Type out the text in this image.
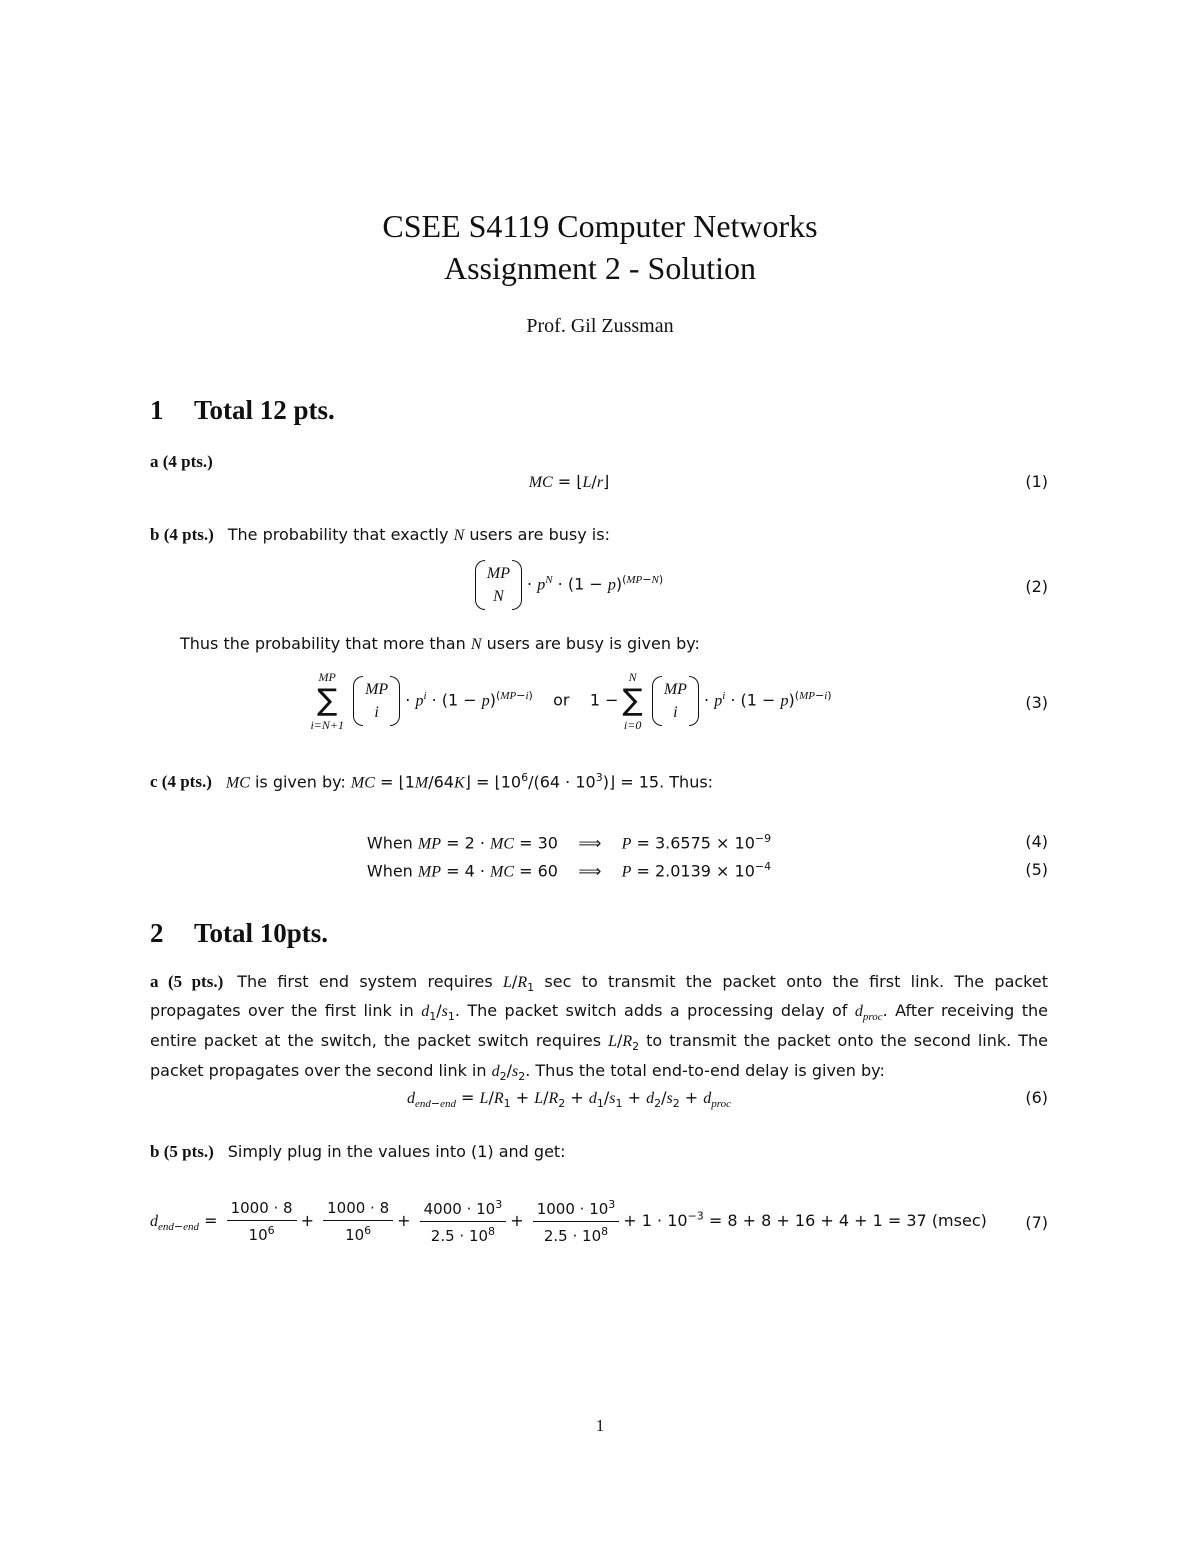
CSEE S4119 Computer Networks
Assignment 2 - Solution
Prof. Gil Zussman
1 Total 12 pts.
a (4 pts.)
MC = ⌊L/r⌋	(1)
b (4 pts.) The probability that exactly N users are busy is:
MP
N
· $p^N \cdot (1 - p)^{(MP-N)}$	(2)
Thus the probability that more than N users are busy is given by:
MP
∑
i=N+1

MP
i
· $p^i \cdot (1 - p)^{(MP-i)}$ or    1 −
N
∑
i=0

MP
i
· $p^i \cdot (1 - p)^{(MP-i)}$	(3)
c (4 pts.) MC is given by: MC = ⌊1M/64K⌋ = $⌊10^6/(64$ · $10^3)⌋ = 15$. Thus:
When MP = 2 · MC = 30    ⟹    $P = 3.6575 \times 10^{-9}$	(4)
When MP = 4 · MC = 60    ⟹    $P = 2.0139 \times 10^{-4}$	(5)
2 Total 10pts.
a (5 pts.) The first end system requires $L/R_1$ sec to transmit the packet onto the first link. The packet propagates over the first link in $d_1/s_1$. The packet switch adds a processing delay of $d_{proc}$. After receiving the entire packet at the switch, the packet switch requires $L/R_2$ to transmit the packet onto the second link. The packet propagates over the second link in $d_2/s_2$. Thus the total end-to-end delay is given by:
$d_{end-end} = L/R_1 + L/R_2 + d_1/s_1 + d_2/s_2 + d_{proc}$	(6)
b (5 pts.) Simply plug in the values into (1) and get:
$d_{end-end} = \frac{1000 \cdot 8}{10^6} + \frac{1000 \cdot 8}{10^6} + \frac{4000 \cdot 10^3}{2.5 \cdot 10^8} + \frac{1000 \cdot 10^3}{2.5 \cdot 10^8} + 1 \cdot 10^{-3} = 8 + 8 + 16 + 4 + 1 = 37$ (msec)	(7)
1
